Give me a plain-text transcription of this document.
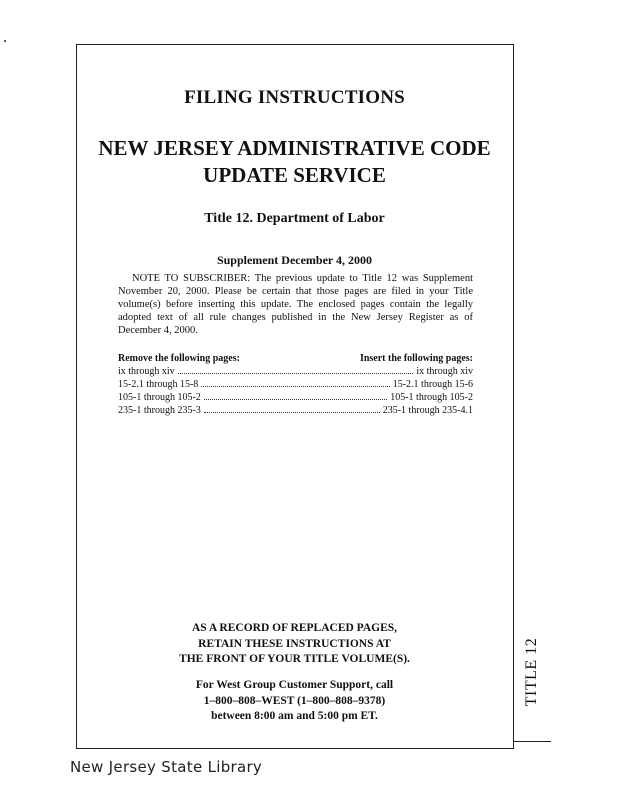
TITLE 12
FILING INSTRUCTIONS
NEW JERSEY ADMINISTRATIVE CODE
UPDATE SERVICE
Title 12. Department of Labor
Supplement December 4, 2000
NOTE TO SUBSCRIBER: The previous update to Title 12 was Supplement November 20, 2000. Please be certain that those pages are filed in your Title volume(s) before inserting this update. The enclosed pages contain the legally adopted text of all rule changes published in the New Jersey Register as of December 4, 2000.
Remove the following pages:	Insert the following pages:
ix through xiv	ix through xiv
15-2.1 through 15-8	15-2.1 through 15-6
105-1 through 105-2	105-1 through 105-2
235-1 through 235-3	235-1 through 235-4.1
AS A RECORD OF REPLACED PAGES,
RETAIN THESE INSTRUCTIONS AT
THE FRONT OF YOUR TITLE VOLUME(S).
For West Group Customer Support, call
1–800–808–WEST (1–800–808–9378)
between 8:00 am and 5:00 pm ET.
New Jersey State Library
